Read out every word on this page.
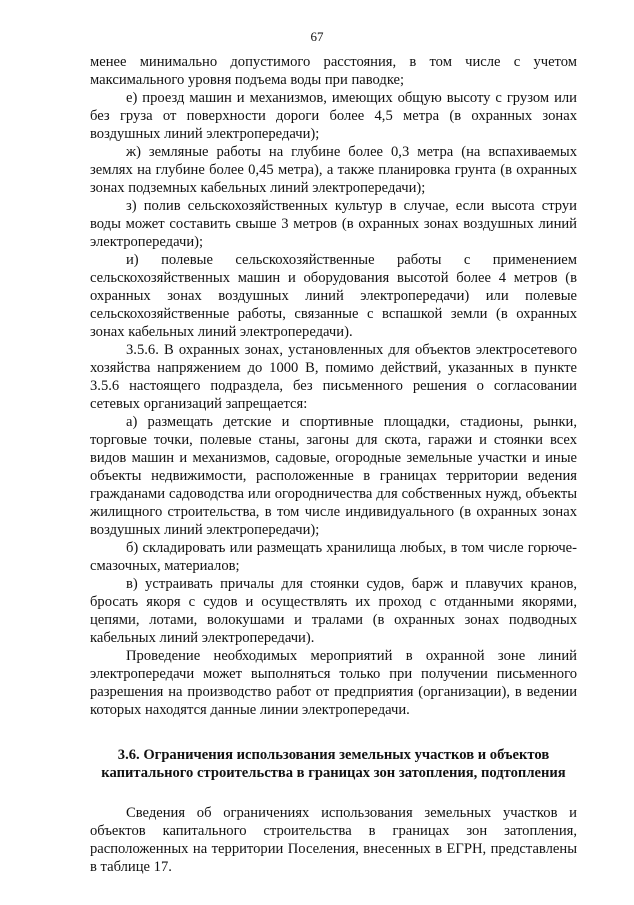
67

менее минимально допустимого расстояния, в том числе с учетом максимального уровня подъема воды при паводке;

е) проезд машин и механизмов, имеющих общую высоту с грузом или без груза от поверхности дороги более 4,5 метра (в охранных зонах воздушных линий электропередачи);

ж) земляные работы на глубине более 0,3 метра (на вспахиваемых землях на глубине более 0,45 метра), а также планировка грунта (в охранных зонах подземных кабельных линий электропередачи);

з) полив сельскохозяйственных культур в случае, если высота струи воды может составить свыше 3 метров (в охранных зонах воздушных линий электропередачи);

и) полевые сельскохозяйственные работы с применением сельскохозяйственных машин и оборудования высотой более 4 метров (в охранных зонах воздушных линий электропередачи) или полевые сельскохозяйственные работы, связанные с вспашкой земли (в охранных зонах кабельных линий электропередачи).

3.5.6. В охранных зонах, установленных для объектов электросетевого хозяйства напряжением до 1000 В, помимо действий, указанных в пункте 3.5.6 настоящего подраздела, без письменного решения о согласовании сетевых организаций запрещается:

а) размещать детские и спортивные площадки, стадионы, рынки, торговые точки, полевые станы, загоны для скота, гаражи и стоянки всех видов машин и механизмов, садовые, огородные земельные участки и иные объекты недвижимости, расположенные в границах территории ведения гражданами садоводства или огородничества для собственных нужд, объекты жилищного строительства, в том числе индивидуального (в охранных зонах воздушных линий электропередачи);

б) складировать или размещать хранилища любых, в том числе горюче-смазочных, материалов;

в) устраивать причалы для стоянки судов, барж и плавучих кранов, бросать якоря с судов и осуществлять их проход с отданными якорями, цепями, лотами, волокушами и тралами (в охранных зонах подводных кабельных линий электропередачи).

Проведение необходимых мероприятий в охранной зоне линий электропередачи может выполняться только при получении письменного разрешения на производство работ от предприятия (организации), в ведении которых находятся данные линии электропередачи.

3.6. Ограничения использования земельных участков и объектов капитального строительства в границах зон затопления, подтопления

Сведения об ограничениях использования земельных участков и объектов капитального строительства в границах зон затопления, расположенных на территории Поселения, внесенных в ЕГРН, представлены в таблице 17.
